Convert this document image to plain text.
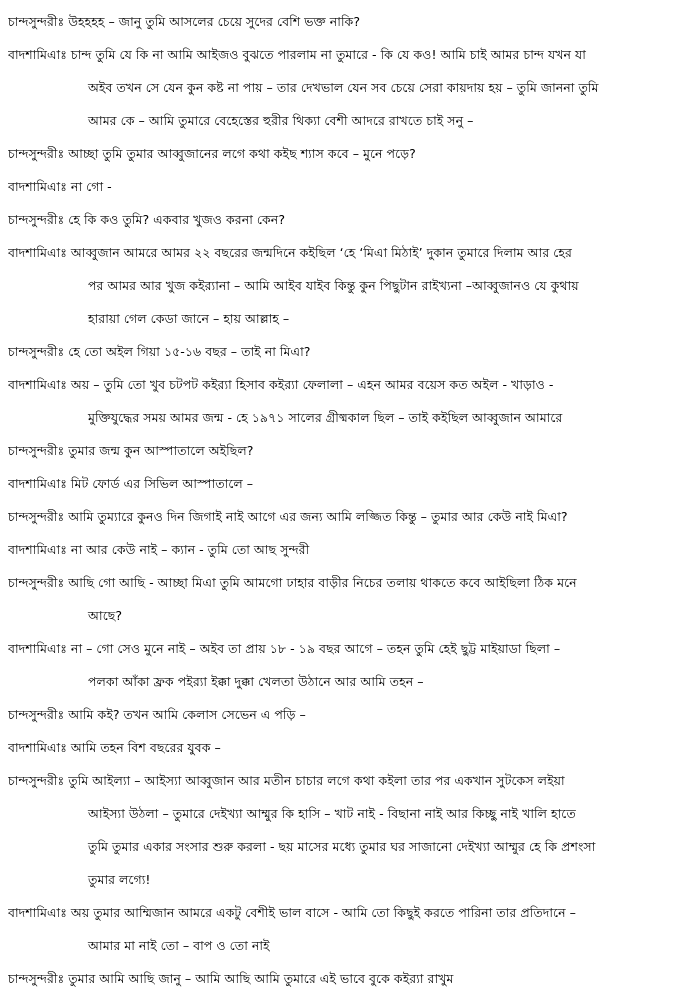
চান্দসুন্দরীঃ উহহহহ – জানু তুমি আসলের চেয়ে সুদের বেশি ভক্ত নাকি?
বাদশামিএাঃ চান্দ তুমি যে কি না আমি আইজও বুঝতে পারলাম না তুমারে - কি যে কও! আমি চাই আমর চান্দ যখন যা
অইব তখন সে যেন কুন কষ্ট না পায় – তার দেখভাল যেন সব চেয়ে সেরা কায়দায় হয় – তুমি জাননা তুমি
আমর কে – আমি তুমারে বেহেস্তের হুরীর থিক্যা বেশী আদরে রাখতে চাই সনু –
চান্দসুন্দরীঃ আচ্ছা তুমি তুমার আব্বুজানের লগে কথা কইছ শ্যাস কবে – মুনে পড়ে?
বাদশামিএাঃ না গো -
চান্দসুন্দরীঃ হে কি কও তুমি? একবার খুজও করনা কেন?
বাদশামিএাঃ আব্বুজান আমরে আমর ২২ বছরের জন্মদিনে কইছিল ‘হে ‘মিএা মিঠাই’ দুকান তুমারে দিলাম আর হের
পর আমর আর খুজ কইর‍্যানা – আমি আইব যাইব কিন্তু কুন পিছুটান রাইখ্যনা –আব্বুজানও যে কুথায়
হারায়া গেল কেডা জানে – হায় আল্লাহ –
চান্দসুন্দরীঃ হে তো অইল গিয়া ১৫-১৬ বছর – তাই না মিএা?
বাদশামিএাঃ অয় – তুমি তো খুব চটপট কইর‍্যা হিসাব কইর‍্যা ফেলালা – এহন আমর বয়েস কত অইল - খাড়াও -
মুক্তিযুদ্ধের সময় আমর জন্ম - হে ১৯৭১ সালের গ্রীষ্মকাল ছিল – তাই কইছিল আব্বুজান আমারে
চান্দসুন্দরীঃ তুমার জন্ম কুন আস্পাতালে অইছিল?
বাদশামিএাঃ মিট ফোর্ড এর সিভিল আস্পাতালে –
চান্দসুন্দরীঃ আমি তুম্যারে কুনও দিন জিগাই নাই আগে এর জন্য আমি লজ্জিত কিন্তু – তুমার আর কেউ নাই মিএা?
বাদশামিএাঃ না আর কেউ নাই – ক্যান - তুমি তো আছ সুন্দরী
চান্দসুন্দরীঃ আছি গো আছি - আচ্ছা মিএা তুমি আমগো ঢাহার বাড়ীর নিচের তলায় থাকতে কবে আইছিলা ঠিক মনে
আছে?
বাদশামিএাঃ না – গো সেও মুনে নাই – অইব তা প্রায় ১৮ - ১৯ বছর আগে – তহন তুমি হেই ছুট্ট মাইয়াডা ছিলা –
পলকা আঁকা ফ্রক পইর‍্যা ইক্কা দুক্কা খেলতা উঠানে আর আমি তহন –
চান্দসুন্দরীঃ আমি কই? তখন আমি কেলাস সেভেন এ পড়ি –
বাদশামিএাঃ আমি তহন বিশ বছরের যুবক –
চান্দসুন্দরীঃ তুমি আইল্যা – আইস্যা আব্বুজান আর মতীন চাচার লগে কথা কইলা তার পর একখান সুটকেস লইয়া
আইস্যা উঠলা – তুমারে দেইখ্যা আম্মুর কি হাসি – খাট নাই - বিছানা নাই আর কিচ্ছু নাই খালি হাতে
তুমি তুমার একার সংসার শুরু করলা - ছয় মাসের মধ্যে তুমার ঘর সাজানো দেইখ্যা আম্মুর হে কি প্রশংসা
তুমার লগ্যে!
বাদশামিএাঃ অয় তুমার আম্মিজান আমরে একটু বেশীই ভাল বাসে - আমি তো কিছুই করতে পারিনা তার প্রতিদানে –
আমার মা নাই তো – বাপ ও তো নাই
চান্দসুন্দরীঃ তুমার আমি আছি জানু – আমি আছি আমি তুমারে এই ভাবে বুকে কইর‍্যা রাখুম
